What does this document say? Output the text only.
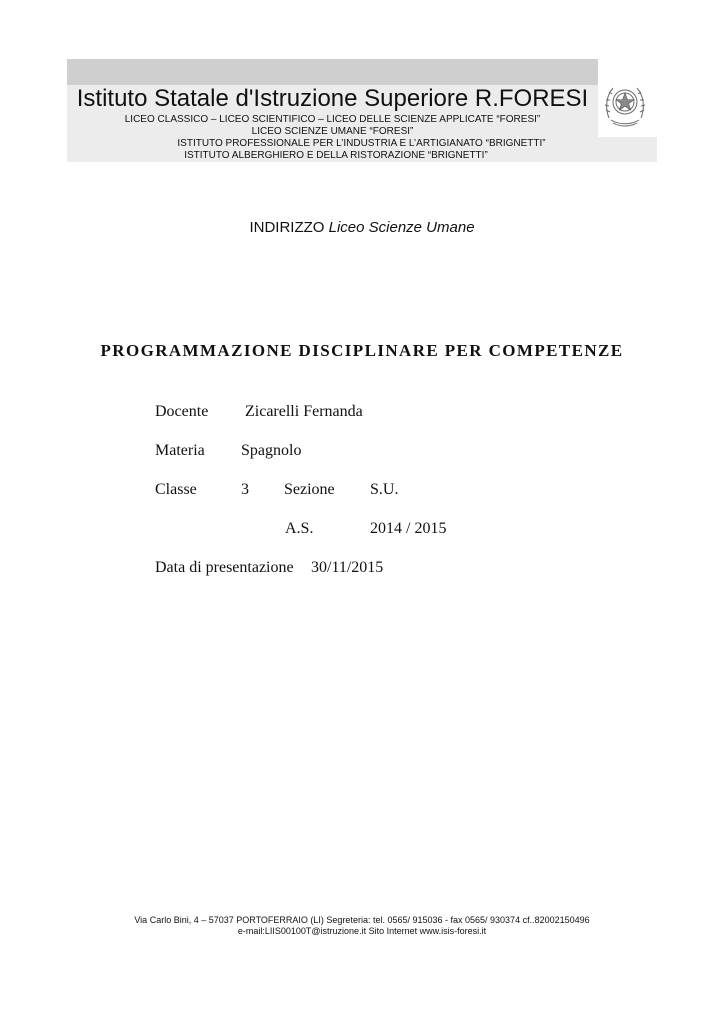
Istituto Statale d'Istruzione Superiore R.FORESI
LICEO CLASSICO – LICEO SCIENTIFICO – LICEO DELLE SCIENZE APPLICATE “FORESI”
LICEO SCIENZE UMANE “FORESI”
ISTITUTO PROFESSIONALE PER L’INDUSTRIA E L’ARTIGIANATO “BRIGNETTI”
ISTITUTO ALBERGHIERO E DELLA RISTORAZIONE “BRIGNETTI”
INDIRIZZO Liceo Scienze Umane
PROGRAMMAZIONE DISCIPLINARE PER COMPETENZE
Docente Zicarelli Fernanda
Materia Spagnolo
Classe	3 Sezione S.U.
A.S.	2014 / 2015
Data di presentazione 30/11/2015
Via Carlo Bini, 4 – 57037 PORTOFERRAIO (LI) Segreteria: tel. 0565/ 915036 - fax 0565/ 930374 cf..82002150496
e-mail:LIIS00100T@istruzione.it Sito Internet www.isis-foresi.it
